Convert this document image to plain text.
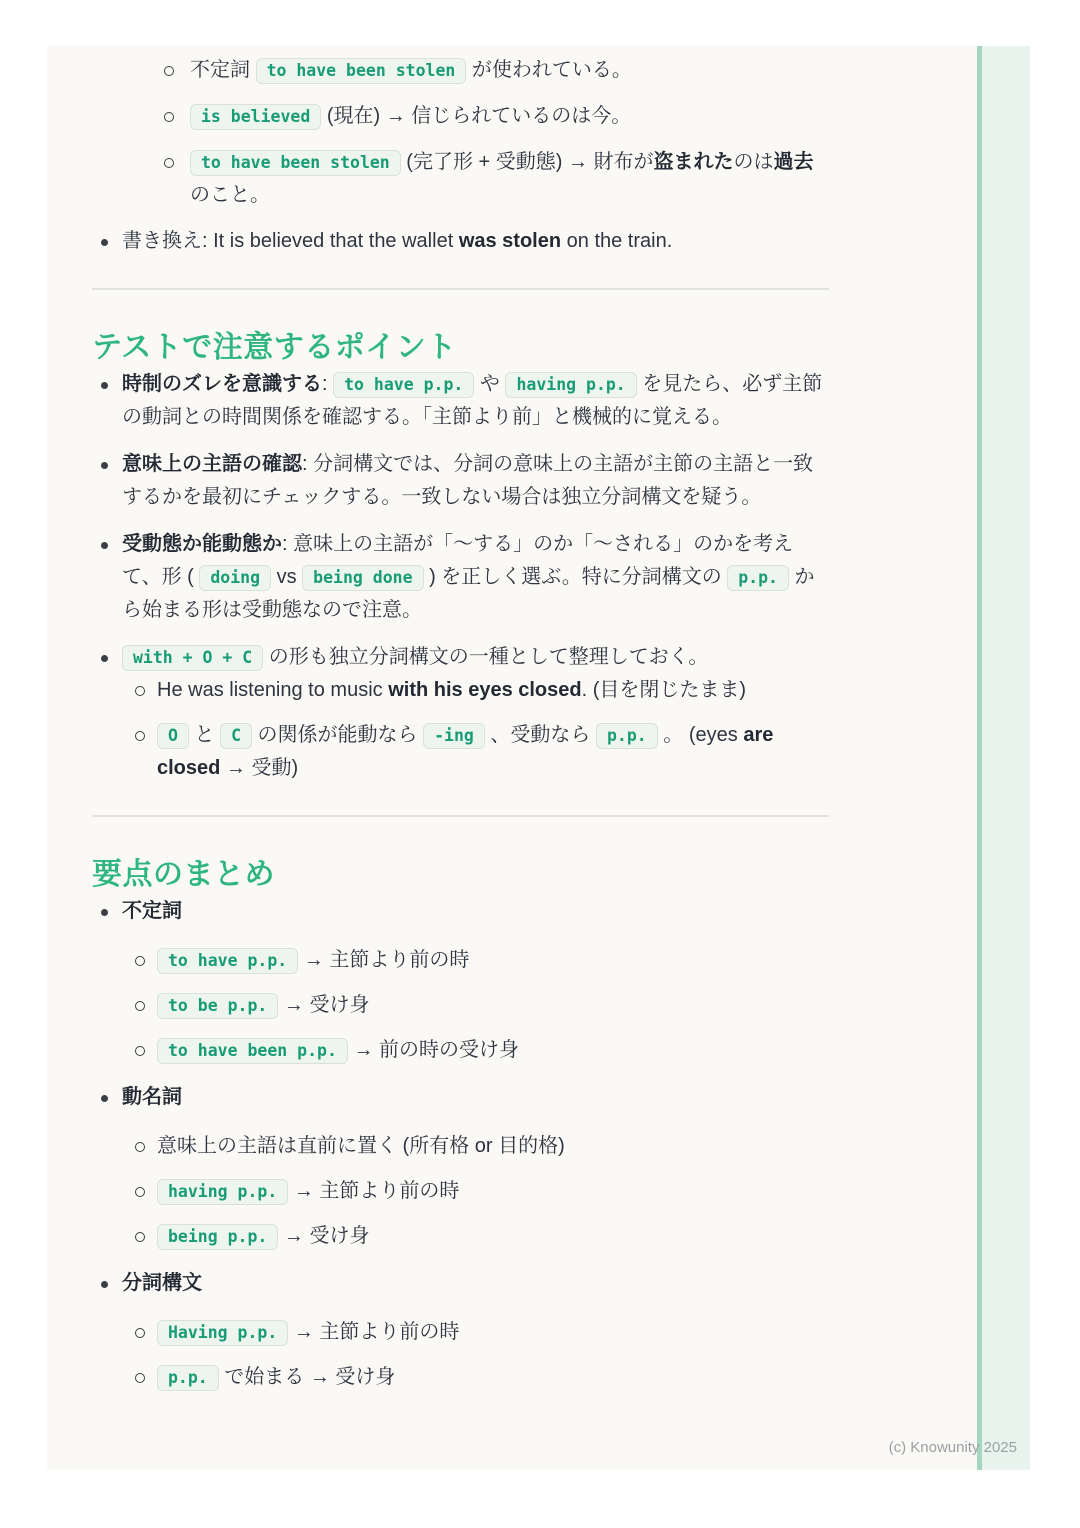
不定詞 to have been stolen が使われている。
is believed (現在) → 信じられているのは今。
to have been stolen (完了形 + 受動態) → 財布が盗まれたのは過去のこと。
書き換え: It is believed that the wallet was stolen on the train.
テストで注意するポイント
時制のズレを意識する: to have p.p. や having p.p. を見たら、必ず主節の動詞との時間関係を確認する。「主節より前」と機械的に覚える。
意味上の主語の確認: 分詞構文では、分詞の意味上の主語が主節の主語と一致するかを最初にチェックする。一致しない場合は独立分詞構文を疑う。
受動態か能動態か: 意味上の主語が「〜する」のか「〜される」のかを考えて、形 ( doing vs being done ) を正しく選ぶ。特に分詞構文の p.p. から始まる形は受動態なので注意。
with + O + C の形も独立分詞構文の一種として整理しておく。
He was listening to music with his eyes closed. (目を閉じたまま)
O と C の関係が能動なら -ing 、受動なら p.p. 。 (eyes are closed → 受動)
要点のまとめ
不定詞
to have p.p. → 主節より前の時
to be p.p. → 受け身
to have been p.p. → 前の時の受け身
動名詞
意味上の主語は直前に置く (所有格 or 目的格)
having p.p. → 主節より前の時
being p.p. → 受け身
分詞構文
Having p.p. → 主節より前の時
p.p. で始まる → 受け身
(c) Knowunity 2025
